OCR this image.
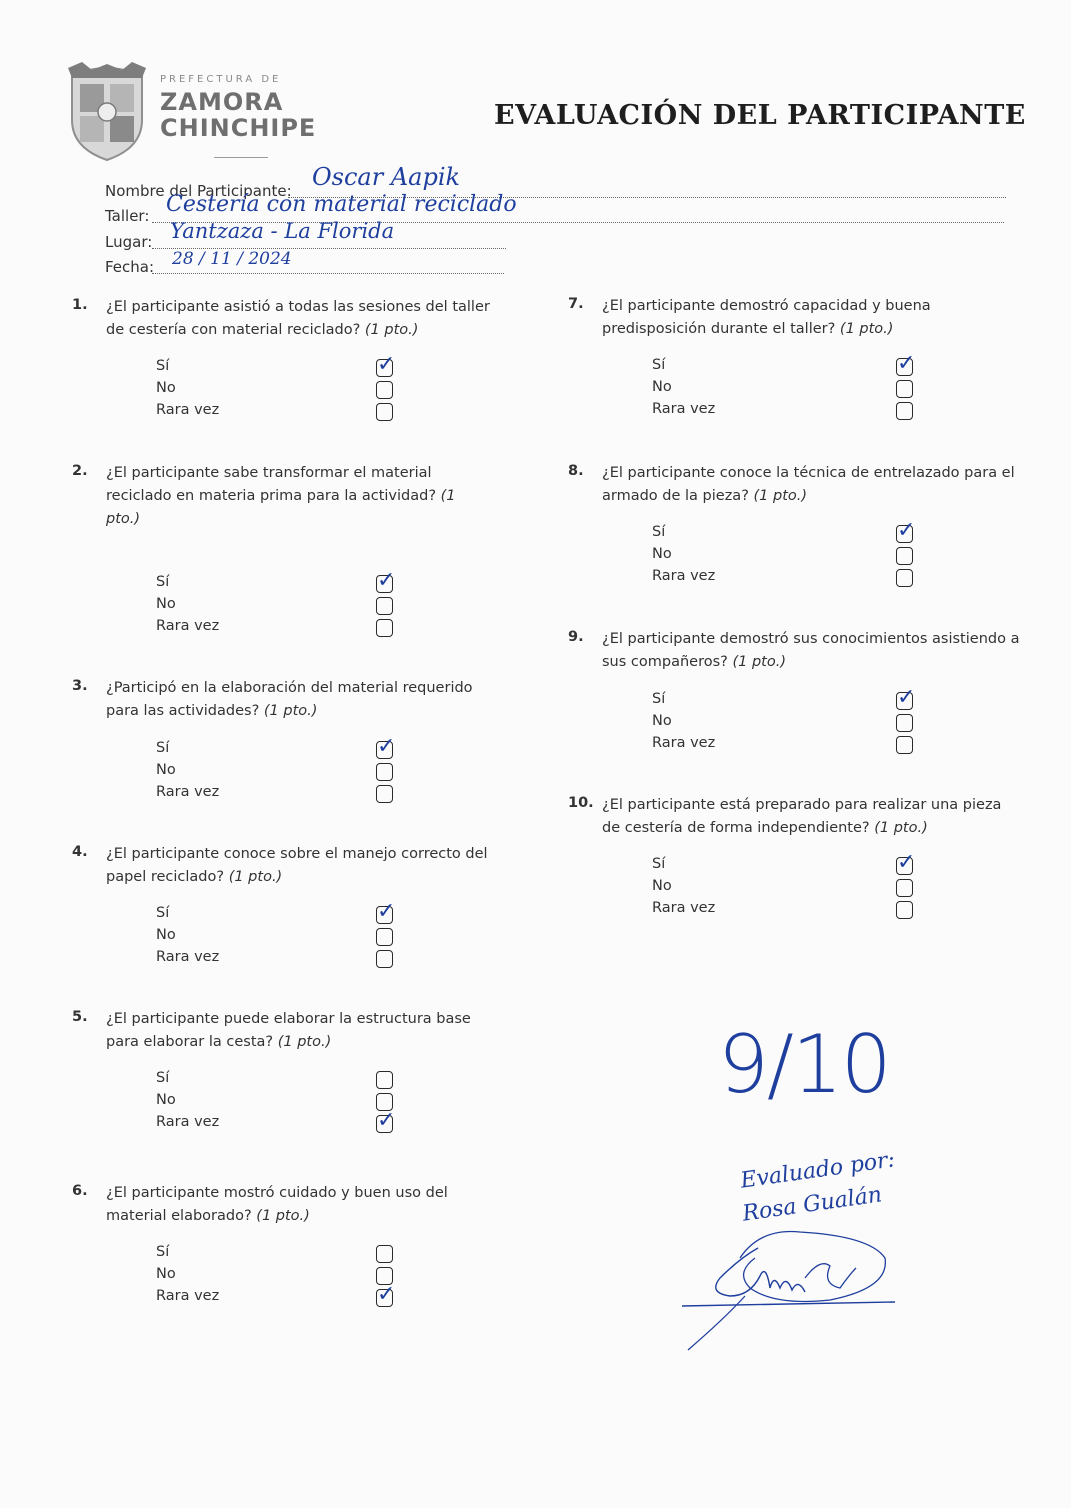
PREFECTURA DE
ZAMORA
CHINCHIPE	EVALUACIÓN DEL PARTICIPANTE
Nombre del Participante: Oscar Aapik
Taller: Cestería con material reciclado
Lugar: Yantzaza - La Florida
Fecha: 28 / 11 / 2024
1. ¿El participante asistió a todas las sesiones del taller de cestería con material reciclado? (1 pto.)
Sí	✓
No
Rara vez
2. ¿El participante sabe transformar el material reciclado en materia prima para la actividad? (1 pto.)
Sí	✓
No
Rara vez
3. ¿Participó en la elaboración del material requerido para las actividades? (1 pto.)
Sí	✓
No
Rara vez
4. ¿El participante conoce sobre el manejo correcto del papel reciclado? (1 pto.)
Sí	✓
No
Rara vez
5. ¿El participante puede elaborar la estructura base para elaborar la cesta? (1 pto.)
Sí
No
Rara vez	✓
6. ¿El participante mostró cuidado y buen uso del material elaborado? (1 pto.)
Sí
No
Rara vez	✓
7. ¿El participante demostró capacidad y buena predisposición durante el taller? (1 pto.)
Sí	✓
No
Rara vez
8. ¿El participante conoce la técnica de entrelazado para el armado de la pieza? (1 pto.)
Sí	✓
No
Rara vez
9. ¿El participante demostró sus conocimientos asistiendo a sus compañeros? (1 pto.)
Sí	✓
No
Rara vez
10. ¿El participante está preparado para realizar una pieza de cestería de forma independiente? (1 pto.)
Sí	✓
No
Rara vez
9/10
Evaluado por:
Rosa Gualán
